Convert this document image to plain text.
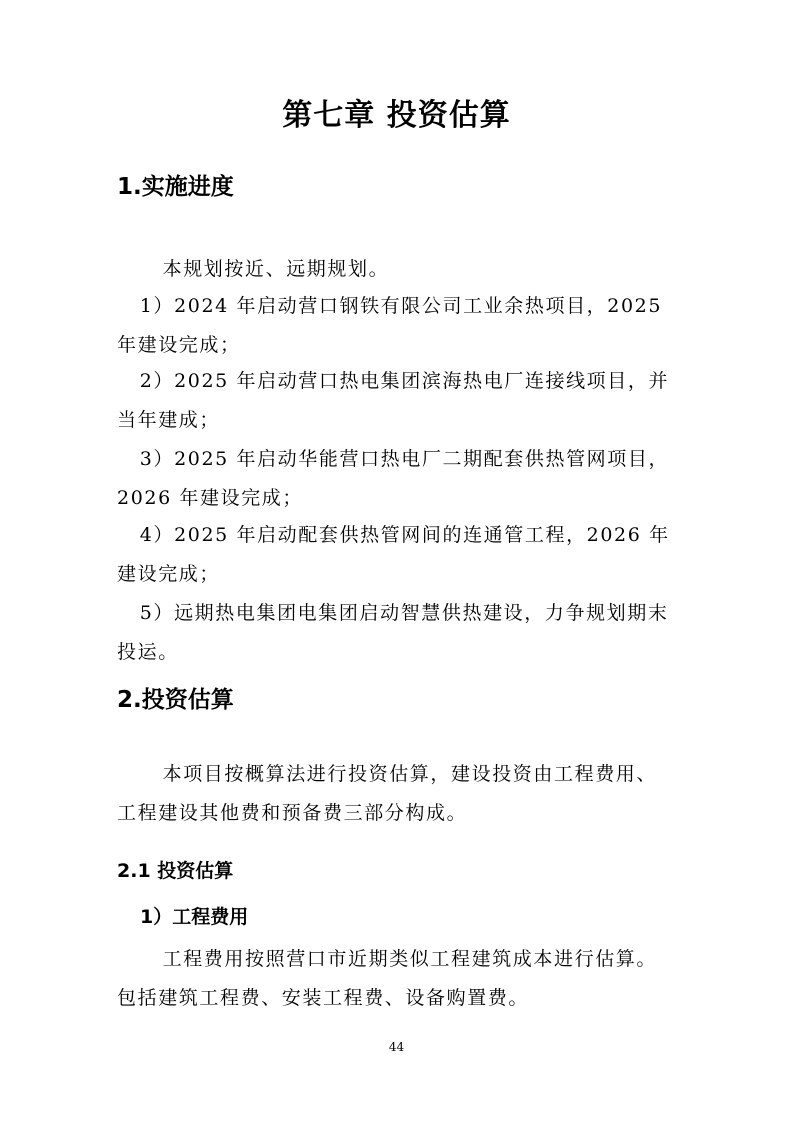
第七章 投资估算
1.实施进度

本规划按近、远期规划。

1）2024 年启动营口钢铁有限公司工业余热项目，2025 年建设完成；

2）2025 年启动营口热电集团滨海热电厂连接线项目，并当年建成；

3）2025 年启动华能营口热电厂二期配套供热管网项目，2026 年建设完成；

4）2025 年启动配套供热管网间的连通管工程，2026 年建设完成；

5）远期热电集团电集团启动智慧供热建设，力争规划期末投运。

2.投资估算

本项目按概算法进行投资估算，建设投资由工程费用、工程建设其他费和预备费三部分构成。

2.1 投资估算
1）工程费用

工程费用按照营口市近期类似工程建筑成本进行估算。包括建筑工程费、安装工程费、设备购置费。

44
